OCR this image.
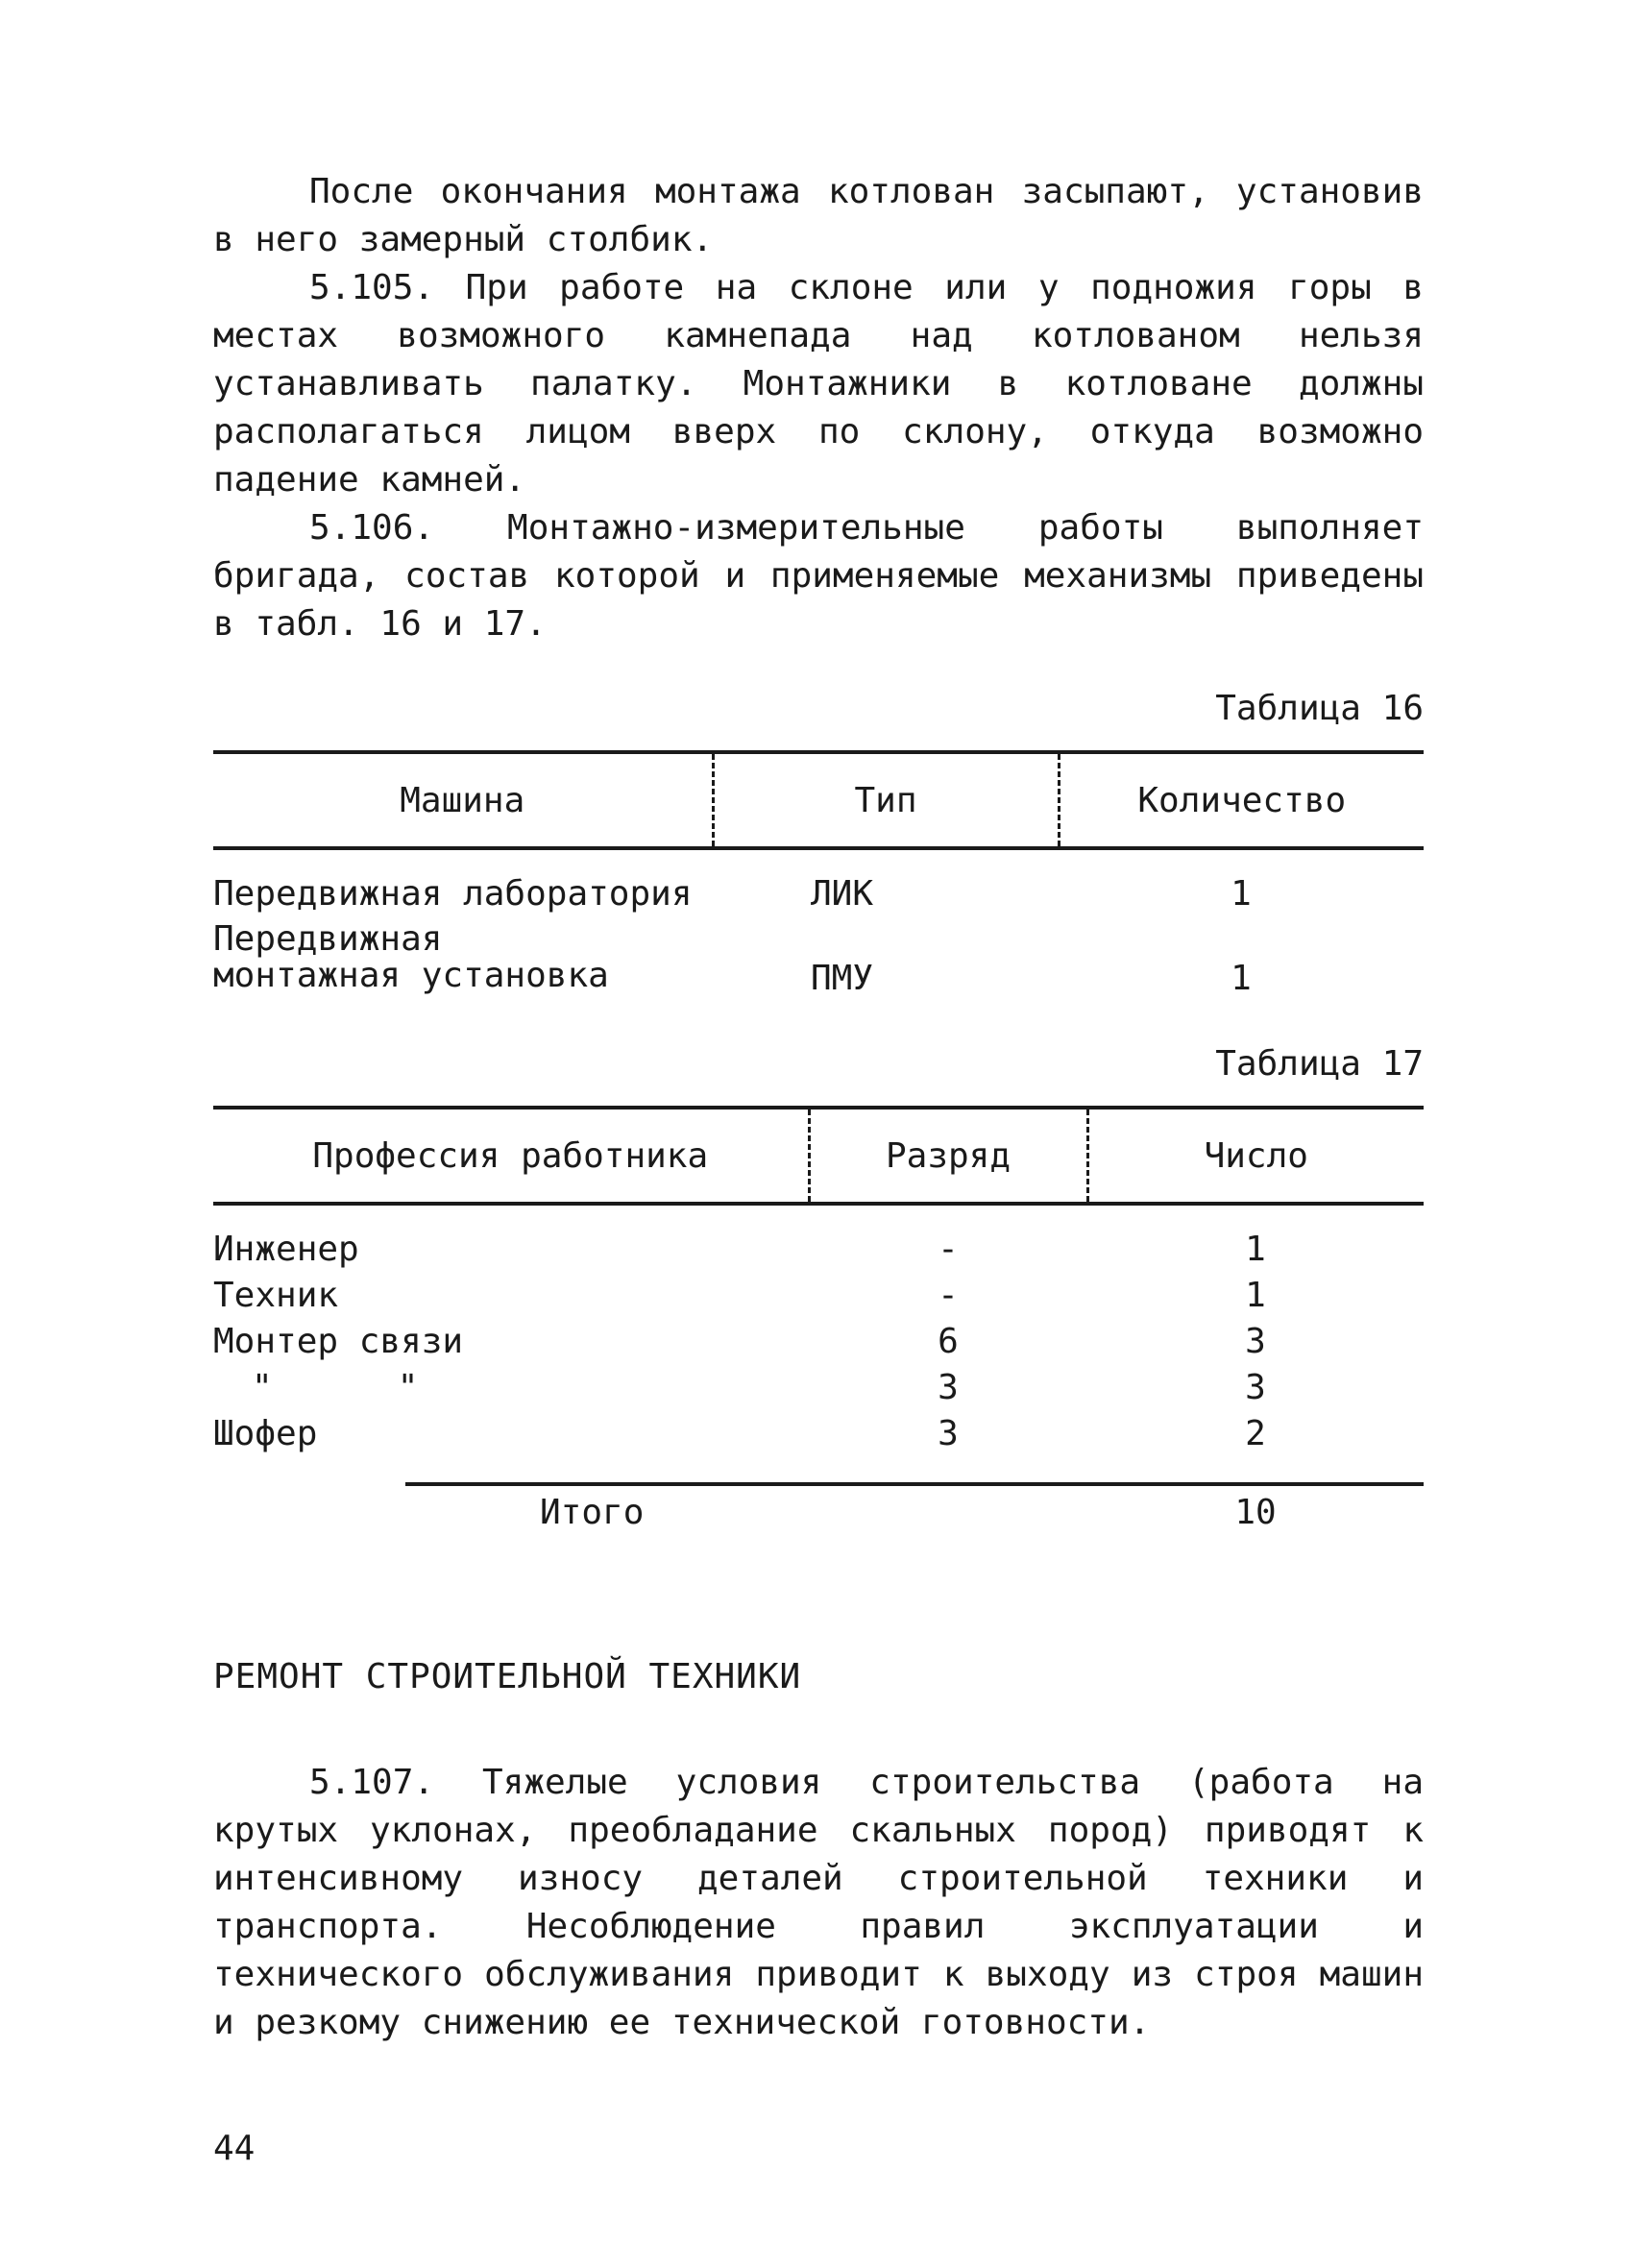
После окончания монтажа котлован засыпают, установив в него замерный столбик.

5.105. При работе на склоне или у подножия горы в местах возможного камнепада над котлованом нельзя устанавливать палатку. Монтажники в котловане должны располагаться лицом вверх по склону, откуда возможно падение камней.

5.106. Монтажно-измерительные работы выполняет бригада, состав которой и применяемые механизмы приведены в табл. 16 и 17.

Таблица 16
Машина	Тип	Количество
Передвижная лаборатория	ЛИК	1
Передвижная монтажная установка	ПМУ	1
Таблица 17
Профессия работника	Разряд	Число
Инженер	-	1
Техник	-	1
Монтер связи	6	3
"      "	3	3
Шофер	3	2

Итого		10
РЕМОНТ СТРОИТЕЛЬНОЙ ТЕХНИКИ

5.107. Тяжелые условия строительства (работа на крутых уклонах, преобладание скальных пород) приводят к интенсивному износу деталей строительной техники и транспорта. Несоблюдение правил эксплуатации и технического обслуживания приводит к выходу из строя машин и резкому снижению ее технической готовности.

44
